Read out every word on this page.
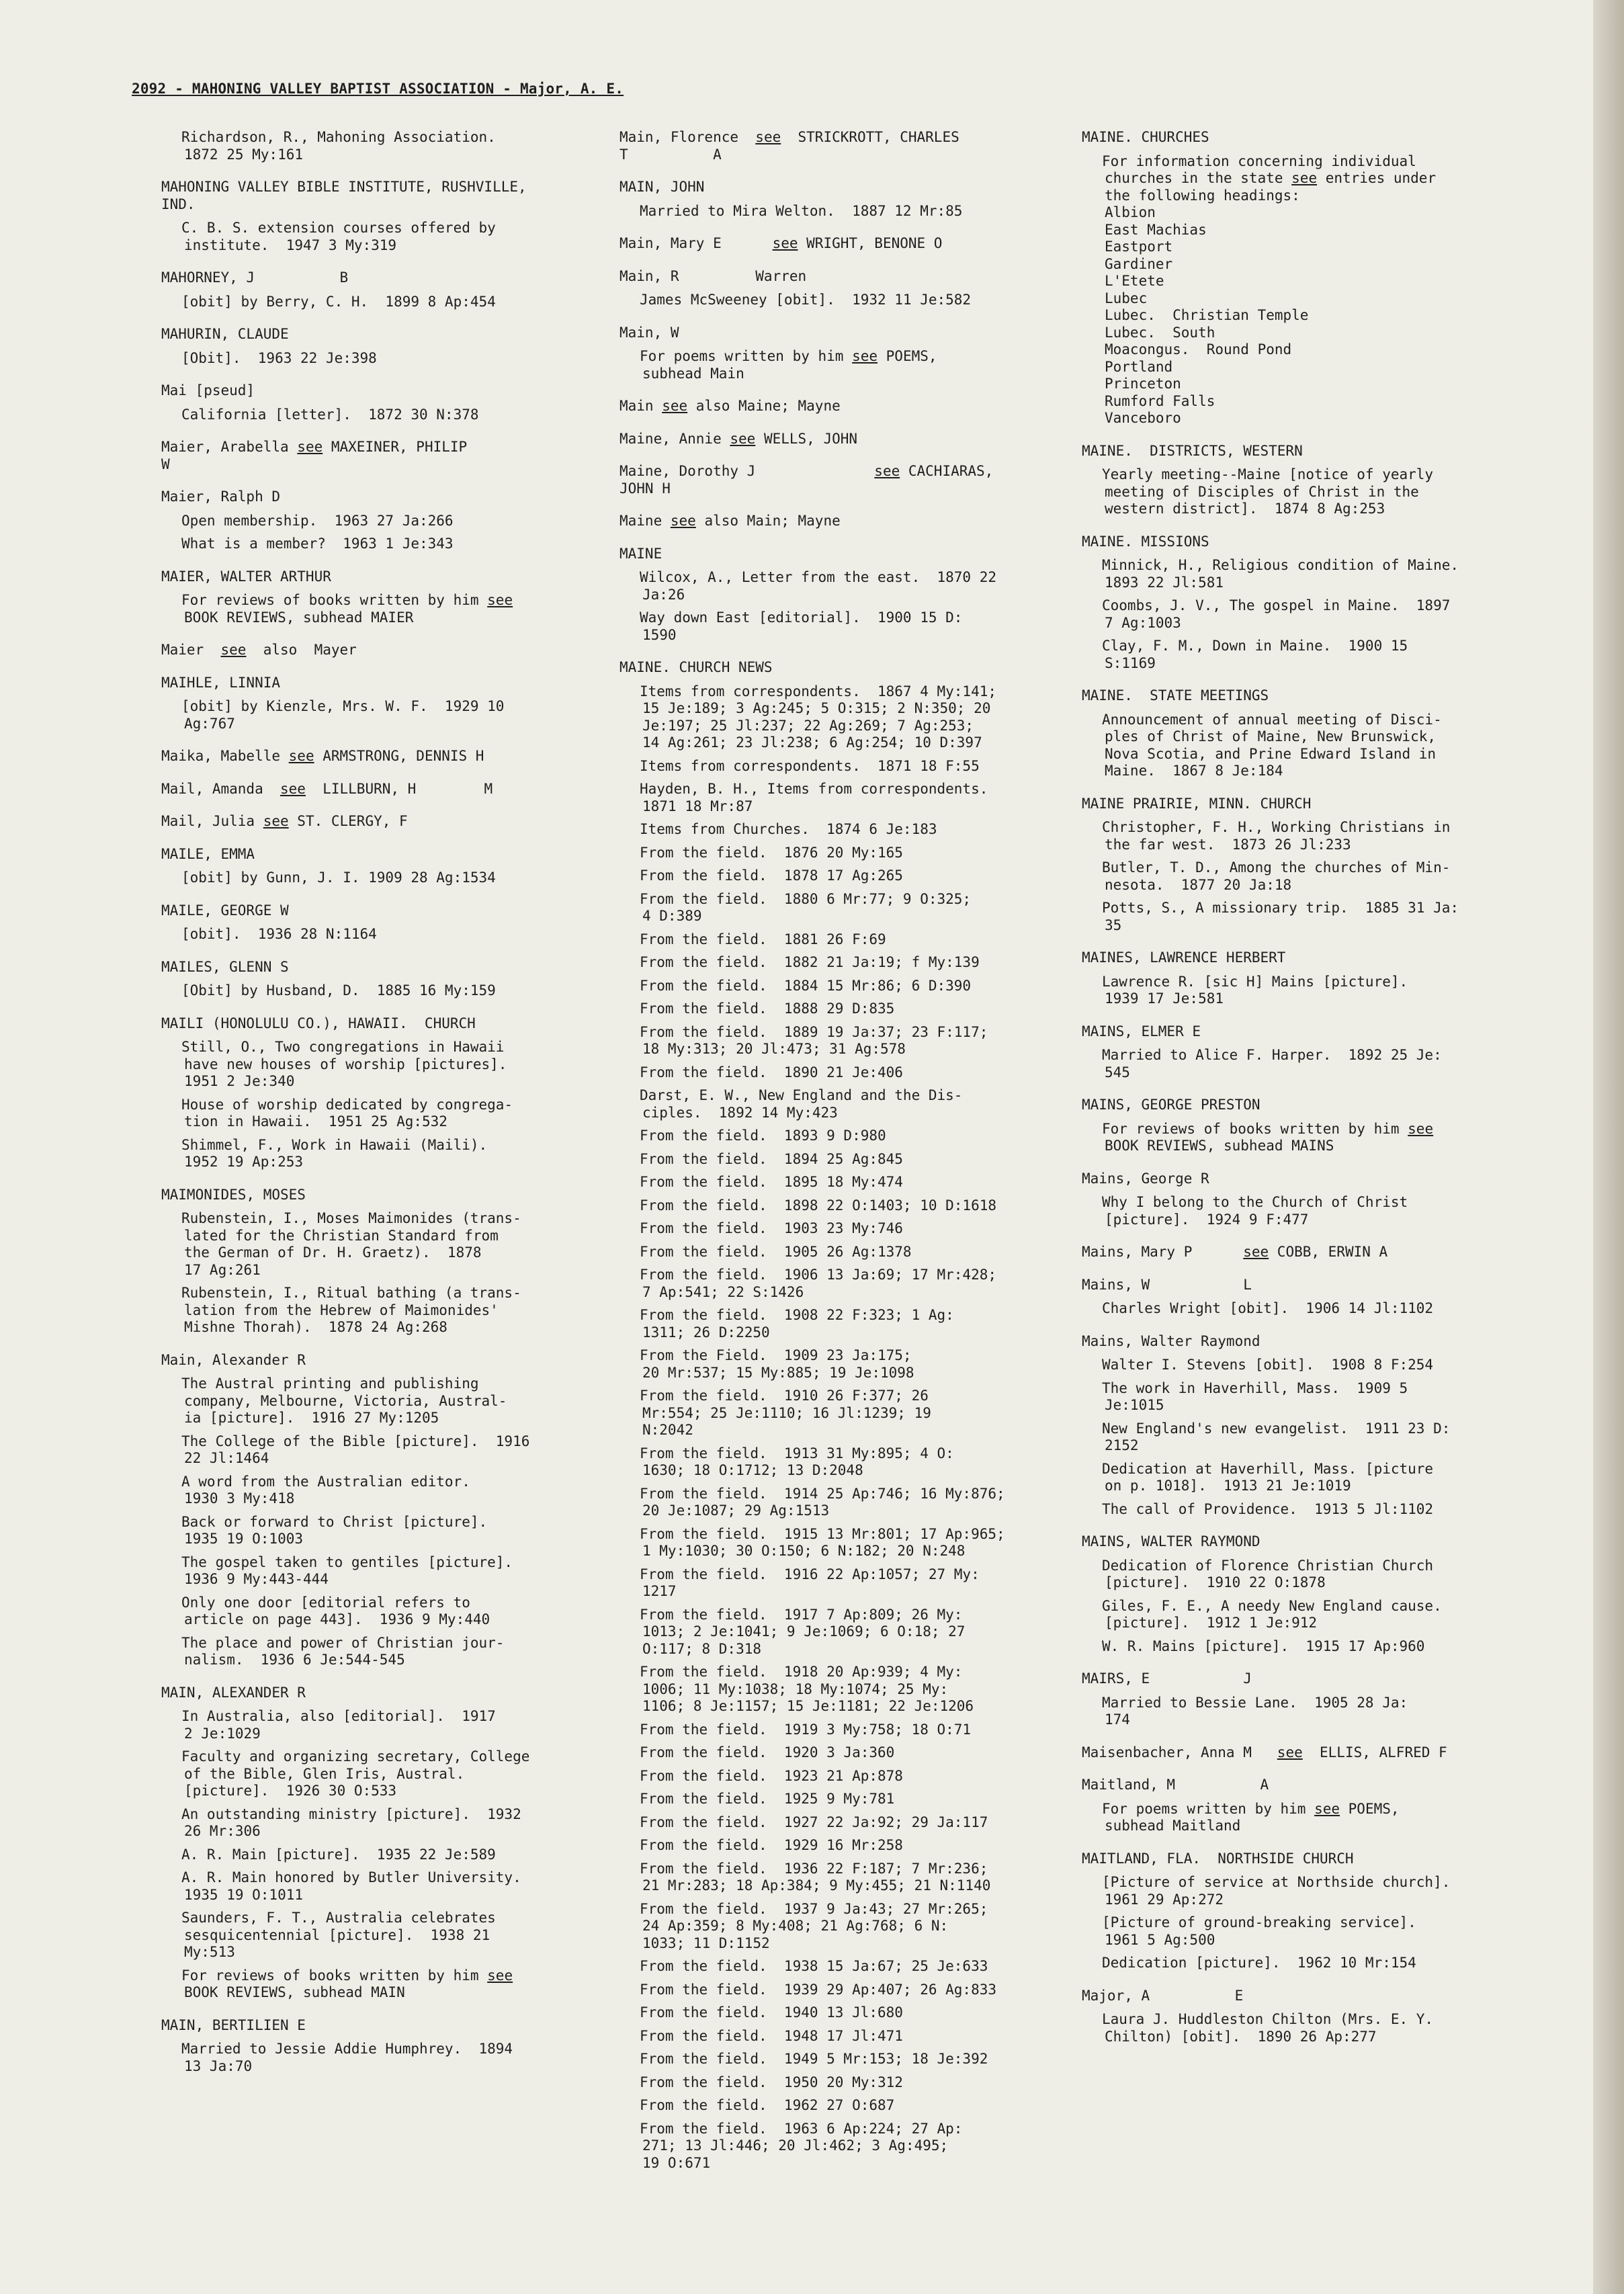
2092 - MAHONING VALLEY BAPTIST ASSOCIATION - Major, A. E.
Richardson, R., Mahoning Association.
1872 25 My:161
MAHONING VALLEY BIBLE INSTITUTE, RUSHVILLE,
IND.
C. B. S. extension courses offered by
institute.  1947 3 My:319
MAHORNEY, J          B
[obit] by Berry, C. H.  1899 8 Ap:454
MAHURIN, CLAUDE
[Obit].  1963 22 Je:398
Mai [pseud]
California [letter].  1872 30 N:378
Maier, Arabella see MAXEINER, PHILIP
W
Maier, Ralph D
Open membership.  1963 27 Ja:266
What is a member?  1963 1 Je:343
MAIER, WALTER ARTHUR
For reviews of books written by him see
BOOK REVIEWS, subhead MAIER
Maier  see  also  Mayer
MAIHLE, LINNIA
[obit] by Kienzle, Mrs. W. F.  1929 10
Ag:767
Maika, Mabelle see ARMSTRONG, DENNIS H
Mail, Amanda  see  LILLBURN, H        M
Mail, Julia see ST. CLERGY, F
MAILE, EMMA
[obit] by Gunn, J. I. 1909 28 Ag:1534
MAILE, GEORGE W
[obit].  1936 28 N:1164
MAILES, GLENN S
[Obit] by Husband, D.  1885 16 My:159
MAILI (HONOLULU CO.), HAWAII.  CHURCH
Still, O., Two congregations in Hawaii
have new houses of worship [pictures].
1951 2 Je:340
House of worship dedicated by congrega-
tion in Hawaii.  1951 25 Ag:532
Shimmel, F., Work in Hawaii (Maili).
1952 19 Ap:253
MAIMONIDES, MOSES
Rubenstein, I., Moses Maimonides (trans-
lated for the Christian Standard from
the German of Dr. H. Graetz).  1878
17 Ag:261
Rubenstein, I., Ritual bathing (a trans-
lation from the Hebrew of Maimonides'
Mishne Thorah).  1878 24 Ag:268
Main, Alexander R
The Austral printing and publishing
company, Melbourne, Victoria, Austral-
ia [picture].  1916 27 My:1205
The College of the Bible [picture].  1916
22 Jl:1464
A word from the Australian editor.
1930 3 My:418
Back or forward to Christ [picture].
1935 19 O:1003
The gospel taken to gentiles [picture].
1936 9 My:443-444
Only one door [editorial refers to
article on page 443].  1936 9 My:440
The place and power of Christian jour-
nalism.  1936 6 Je:544-545
MAIN, ALEXANDER R
In Australia, also [editorial].  1917
2 Je:1029
Faculty and organizing secretary, College
of the Bible, Glen Iris, Austral.
[picture].  1926 30 O:533
An outstanding ministry [picture].  1932
26 Mr:306
A. R. Main [picture].  1935 22 Je:589
A. R. Main honored by Butler University.
1935 19 O:1011
Saunders, F. T., Australia celebrates
sesquicentennial [picture].  1938 21
My:513
For reviews of books written by him see
BOOK REVIEWS, subhead MAIN
MAIN, BERTILIEN E
Married to Jessie Addie Humphrey.  1894
13 Ja:70
Main, Florence  see  STRICKROTT, CHARLES
T          A
MAIN, JOHN
Married to Mira Welton.  1887 12 Mr:85
Main, Mary E      see WRIGHT, BENONE O
Main, R         Warren
James McSweeney [obit].  1932 11 Je:582
Main, W
For poems written by him see POEMS,
subhead Main
Main see also Maine; Mayne
Maine, Annie see WELLS, JOHN
Maine, Dorothy J              see CACHIARAS,
JOHN H
Maine see also Main; Mayne
MAINE
Wilcox, A., Letter from the east.  1870 22
Ja:26
Way down East [editorial].  1900 15 D:
1590
MAINE. CHURCH NEWS
Items from correspondents.  1867 4 My:141;
15 Je:189; 3 Ag:245; 5 O:315; 2 N:350; 20
Je:197; 25 Jl:237; 22 Ag:269; 7 Ag:253;
14 Ag:261; 23 Jl:238; 6 Ag:254; 10 D:397
Items from correspondents.  1871 18 F:55
Hayden, B. H., Items from correspondents.
1871 18 Mr:87
Items from Churches.  1874 6 Je:183
From the field.  1876 20 My:165
From the field.  1878 17 Ag:265
From the field.  1880 6 Mr:77; 9 O:325;
4 D:389
From the field.  1881 26 F:69
From the field.  1882 21 Ja:19; f My:139
From the field.  1884 15 Mr:86; 6 D:390
From the field.  1888 29 D:835
From the field.  1889 19 Ja:37; 23 F:117;
18 My:313; 20 Jl:473; 31 Ag:578
From the field.  1890 21 Je:406
Darst, E. W., New England and the Dis-
ciples.  1892 14 My:423
From the field.  1893 9 D:980
From the field.  1894 25 Ag:845
From the field.  1895 18 My:474
From the field.  1898 22 O:1403; 10 D:1618
From the field.  1903 23 My:746
From the field.  1905 26 Ag:1378
From the field.  1906 13 Ja:69; 17 Mr:428;
7 Ap:541; 22 S:1426
From the field.  1908 22 F:323; 1 Ag:
1311; 26 D:2250
From the Field.  1909 23 Ja:175;
20 Mr:537; 15 My:885; 19 Je:1098
From the field.  1910 26 F:377; 26
Mr:554; 25 Je:1110; 16 Jl:1239; 19
N:2042
From the field.  1913 31 My:895; 4 O:
1630; 18 O:1712; 13 D:2048
From the field.  1914 25 Ap:746; 16 My:876;
20 Je:1087; 29 Ag:1513
From the field.  1915 13 Mr:801; 17 Ap:965;
1 My:1030; 30 O:150; 6 N:182; 20 N:248
From the field.  1916 22 Ap:1057; 27 My:
1217
From the field.  1917 7 Ap:809; 26 My:
1013; 2 Je:1041; 9 Je:1069; 6 O:18; 27
O:117; 8 D:318
From the field.  1918 20 Ap:939; 4 My:
1006; 11 My:1038; 18 My:1074; 25 My:
1106; 8 Je:1157; 15 Je:1181; 22 Je:1206
From the field.  1919 3 My:758; 18 O:71
From the field.  1920 3 Ja:360
From the field.  1923 21 Ap:878
From the field.  1925 9 My:781
From the field.  1927 22 Ja:92; 29 Ja:117
From the field.  1929 16 Mr:258
From the field.  1936 22 F:187; 7 Mr:236;
21 Mr:283; 18 Ap:384; 9 My:455; 21 N:1140
From the field.  1937 9 Ja:43; 27 Mr:265;
24 Ap:359; 8 My:408; 21 Ag:768; 6 N:
1033; 11 D:1152
From the field.  1938 15 Ja:67; 25 Je:633
From the field.  1939 29 Ap:407; 26 Ag:833
From the field.  1940 13 Jl:680
From the field.  1948 17 Jl:471
From the field.  1949 5 Mr:153; 18 Je:392
From the field.  1950 20 My:312
From the field.  1962 27 O:687
From the field.  1963 6 Ap:224; 27 Ap:
271; 13 Jl:446; 20 Jl:462; 3 Ag:495;
19 O:671
MAINE. CHURCHES
For information concerning individual
churches in the state see entries under
the following headings:
Albion
East Machias
Eastport
Gardiner
L'Etete
Lubec
Lubec.  Christian Temple
Lubec.  South
Moacongus.  Round Pond
Portland
Princeton
Rumford Falls
Vanceboro
MAINE.  DISTRICTS, WESTERN
Yearly meeting--Maine [notice of yearly
meeting of Disciples of Christ in the
western district].  1874 8 Ag:253
MAINE. MISSIONS
Minnick, H., Religious condition of Maine.
1893 22 Jl:581
Coombs, J. V., The gospel in Maine.  1897
7 Ag:1003
Clay, F. M., Down in Maine.  1900 15
S:1169
MAINE.  STATE MEETINGS
Announcement of annual meeting of Disci-
ples of Christ of Maine, New Brunswick,
Nova Scotia, and Prine Edward Island in
Maine.  1867 8 Je:184
MAINE PRAIRIE, MINN. CHURCH
Christopher, F. H., Working Christians in
the far west.  1873 26 Jl:233
Butler, T. D., Among the churches of Min-
nesota.  1877 20 Ja:18
Potts, S., A missionary trip.  1885 31 Ja:
35
MAINES, LAWRENCE HERBERT
Lawrence R. [sic H] Mains [picture].
1939 17 Je:581
MAINS, ELMER E
Married to Alice F. Harper.  1892 25 Je:
545
MAINS, GEORGE PRESTON
For reviews of books written by him see
BOOK REVIEWS, subhead MAINS
Mains, George R
Why I belong to the Church of Christ
[picture].  1924 9 F:477
Mains, Mary P      see COBB, ERWIN A
Mains, W           L
Charles Wright [obit].  1906 14 Jl:1102
Mains, Walter Raymond
Walter I. Stevens [obit].  1908 8 F:254
The work in Haverhill, Mass.  1909 5
Je:1015
New England's new evangelist.  1911 23 D:
2152
Dedication at Haverhill, Mass. [picture
on p. 1018].  1913 21 Je:1019
The call of Providence.  1913 5 Jl:1102
MAINS, WALTER RAYMOND
Dedication of Florence Christian Church
[picture].  1910 22 O:1878
Giles, F. E., A needy New England cause.
[picture].  1912 1 Je:912
W. R. Mains [picture].  1915 17 Ap:960
MAIRS, E           J
Married to Bessie Lane.  1905 28 Ja:
174
Maisenbacher, Anna M   see  ELLIS, ALFRED F
Maitland, M          A
For poems written by him see POEMS,
subhead Maitland
MAITLAND, FLA.  NORTHSIDE CHURCH
[Picture of service at Northside church].
1961 29 Ap:272
[Picture of ground-breaking service].
1961 5 Ag:500
Dedication [picture].  1962 10 Mr:154
Major, A          E
Laura J. Huddleston Chilton (Mrs. E. Y.
Chilton) [obit].  1890 26 Ap:277
